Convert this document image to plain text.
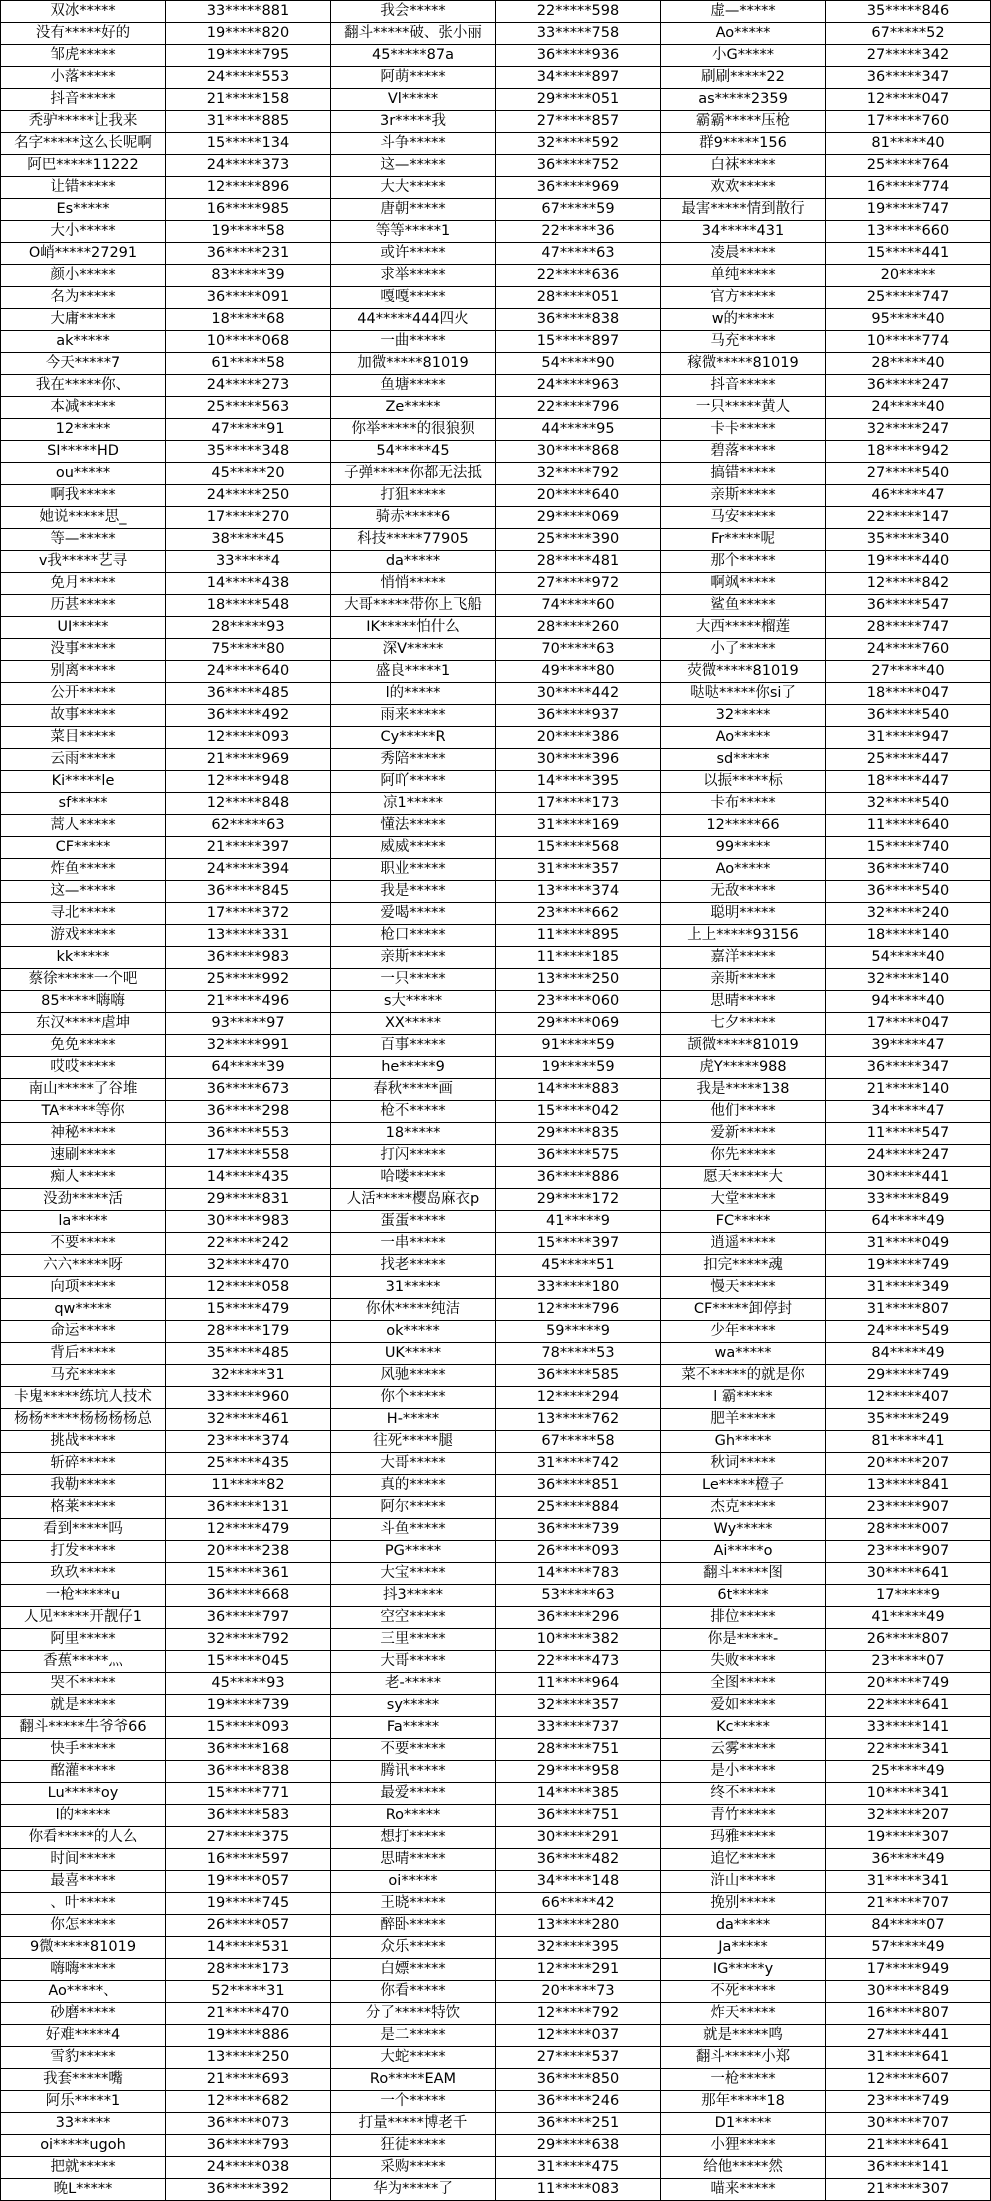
双冰*****	33*****881	我会*****	22*****598	虚—*****	35*****846
没有*****好的	19*****820	翻斗*****破、张小丽	33*****758	Ao*****	67*****52
邹虎*****	19*****795	45*****87a	36*****936	小G*****	27*****342
小落*****	24*****553	阿萌*****	34*****897	刷刷*****22	36*****347
抖音*****	21*****158	Vl*****	29*****051	as*****2359	12*****047
秃驴*****让我来	31*****885	3r*****我	27*****857	霸霸*****压枪	17*****760
名字*****这么长呢啊	15*****134	斗争*****	32*****592	群9*****156	81*****40
阿巴*****11222	24*****373	这—*****	36*****752	白袜*****	25*****764
让错*****	12*****896	大大*****	36*****969	欢欢*****	16*****774
Es*****	16*****985	唐朝*****	67*****59	最害*****情到散行	19*****747
大小*****	19*****58	等等*****1	22*****36	34*****431	13*****660
O峭*****27291	36*****231	或许*****	47*****63	凌晨*****	15*****441
颜小*****	83*****39	求举*****	22*****636	单纯*****	20*****
名为*****	36*****091	嘎嘎*****	28*****051	官方*****	25*****747
大庸*****	18*****68	44*****444四火	36*****838	w的*****	95*****40
ak*****	10*****068	一曲*****	15*****897	马充*****	10*****774
今天*****7	61*****58	加微*****81019	54*****90	稼微*****81019	28*****40
我在*****你、	24*****273	鱼塘*****	24*****963	抖音*****	36*****247
本减*****	25*****563	Ze*****	22*****796	一只*****黄人	24*****40
12*****	47*****91	你举*****的很狼狈	44*****95	卡卡*****	32*****247
SI*****HD	35*****348	54*****45	30*****868	碧落*****	18*****942
ou*****	45*****20	子弹*****你都无法抵	32*****792	搞错*****	27*****540
啊我*****	24*****250	打狙*****	20*****640	亲斯*****	46*****47
她说*****思_	17*****270	骑赤*****6	29*****069	马安*****	22*****147
等—*****	38*****45	科技*****77905	25*****390	Fr*****呢	35*****340
v我*****艺寻	33*****4	da*****	28*****481	那个*****	19*****440
免月*****	14*****438	悄悄*****	27*****972	啊飒*****	12*****842
历甚*****	18*****548	大哥*****带你上飞船	74*****60	鲨鱼*****	36*****547
UI*****	28*****93	IK*****怕什么	28*****260	大西*****榴莲	28*****747
没事*****	75*****80	深V*****	70*****63	小了*****	24*****760
别离*****	24*****640	盛良*****1	49*****80	荧微*****81019	27*****40
公开*****	36*****485	l的*****	30*****442	哒哒*****你si了	18*****047
故事*****	36*****492	雨来*****	36*****937	32*****	36*****540
菜目*****	12*****093	Cy*****R	20*****386	Ao*****	31*****947
云雨*****	21*****969	秀陪*****	30*****396	sd*****	25*****447
Ki*****le	12*****948	阿吖*****	14*****395	以振*****标	18*****447
sf*****	12*****848	凉1*****	17*****173	卡布*****	32*****540
蒿人*****	62*****63	懂法*****	31*****169	12*****66	11*****640
CF*****	21*****397	威威*****	15*****568	99*****	15*****740
炸鱼*****	24*****394	职业*****	31*****357	Ao*****	36*****740
这—*****	36*****845	我是*****	13*****374	无敌*****	36*****540
寻北*****	17*****372	爱喝*****	23*****662	聪明*****	32*****240
游戏*****	13*****331	枪口*****	11*****895	上上*****93156	18*****140
kk*****	36*****983	亲斯*****	11*****185	嘉洋*****	54*****40
蔡徐*****一个吧	25*****992	一只*****	13*****250	亲斯*****	32*****140
85*****嗨嗨	21*****496	s大*****	23*****060	思晴*****	94*****40
东汉*****虐坤	93*****97	XX*****	29*****069	七夕*****	17*****047
免免*****	32*****991	百事*****	91*****59	颉微*****81019	39*****47
哎哎*****	64*****39	he*****9	19*****59	虎Y*****988	36*****347
南山*****了谷堆	36*****673	春秋*****画	14*****883	我是*****138	21*****140
TA*****等你	36*****298	枪不*****	15*****042	他们*****	34*****47
神秘*****	36*****553	18*****	29*****835	爱新*****	11*****547
速刷*****	17*****558	打闪*****	36*****575	你先*****	24*****247
痴人*****	14*****435	哈喽*****	36*****886	愿天*****大	30*****441
没劲*****活	29*****831	人活*****樱岛麻衣p	29*****172	大堂*****	33*****849
la*****	30*****983	蛋蛋*****	41*****9	FC*****	64*****49
不要*****	22*****242	一串*****	15*****397	逍遥*****	31*****049
六六*****呀	32*****470	找老*****	45*****51	扣完*****魂	19*****749
向项*****	12*****058	31*****	33*****180	慢天*****	31*****349
qw*****	15*****479	你休*****纯洁	12*****796	CF*****卸停封	31*****807
命运*****	28*****179	ok*****	59*****9	少年*****	24*****549
背后*****	35*****485	UK*****	78*****53	wa*****	84*****49
马充*****	32*****31	风驰*****	36*****585	菜不*****的就是你	29*****749
卡鬼*****练坑人技术	33*****960	你个*****	12*****294	l 霸*****	12*****407
杨杨*****杨杨杨杨总	32*****461	H-*****	13*****762	肥羊*****	35*****249
挑战*****	23*****374	往死*****腿	67*****58	Gh*****	81*****41
斩碎*****	25*****435	大哥*****	31*****742	秋词*****	20*****207
我勒*****	11*****82	真的*****	36*****851	Le*****橙子	13*****841
格莱*****	36*****131	阿尔*****	25*****884	杰克*****	23*****907
看到*****吗	12*****479	斗鱼*****	36*****739	Wy*****	28*****007
打发*****	20*****238	PG*****	26*****093	Ai*****o	23*****907
玖玖*****	15*****361	大宝*****	14*****783	翻斗*****图	30*****641
一枪*****u	36*****668	抖3*****	53*****63	6t*****	17*****9
人见*****开靓仔1	36*****797	空空*****	36*****296	排位*****	41*****49
阿里*****	32*****792	三里*****	10*****382	你是*****-	26*****807
香蕉*****灬	15*****045	大哥*****	22*****473	失败*****	23*****07
哭不*****	45*****93	老-*****	11*****964	全图*****	20*****749
就是*****	19*****739	sy*****	32*****357	爱如*****	22*****641
翻斗*****牛爷爷66	15*****093	Fa*****	33*****737	Kc*****	33*****141
快手*****	36*****168	不要*****	28*****751	云雾*****	22*****341
酩灌*****	36*****838	腾讯*****	29*****958	是小*****	25*****49
Lu*****oy	15*****771	最爱*****	14*****385	终不*****	10*****341
l的*****	36*****583	Ro*****	36*****751	青竹*****	32*****207
你看*****的人么	27*****375	想打*****	30*****291	玛雅*****	19*****307
时间*****	16*****597	思晴*****	36*****482	追忆*****	36*****49
最喜*****	19*****057	oi*****	34*****148	浒山*****	31*****341
、叶*****	19*****745	王晓*****	66*****42	挽别*****	21*****707
你怎*****	26*****057	醉卧*****	13*****280	da*****	84*****07
9微*****81019	14*****531	众乐*****	32*****395	Ja*****	57*****49
嗨嗨*****	28*****173	白嫖*****	12*****291	IG*****y	17*****949
Ao*****、	52*****31	你看*****	20*****73	不死*****	30*****849
砂磨*****	21*****470	分了*****特饮	12*****792	炸天*****	16*****807
好难*****4	19*****886	是二*****	12*****037	就是*****鸣	27*****441
雪豹*****	13*****250	大蛇*****	27*****537	翻斗*****小郑	31*****641
我套*****嘴	21*****693	Ro*****EAM	36*****850	一枪*****	12*****607
阿乐*****1	12*****682	一个*****	36*****246	那年*****18	23*****749
33*****	36*****073	打量*****博老千	36*****251	D1*****	30*****707
oi*****ugoh	36*****793	狂徒*****	29*****638	小狸*****	21*****641
把就*****	24*****038	采购*****	31*****475	给他*****然	36*****141
晚L*****	36*****392	华为*****了	11*****083	喵来*****	21*****307
